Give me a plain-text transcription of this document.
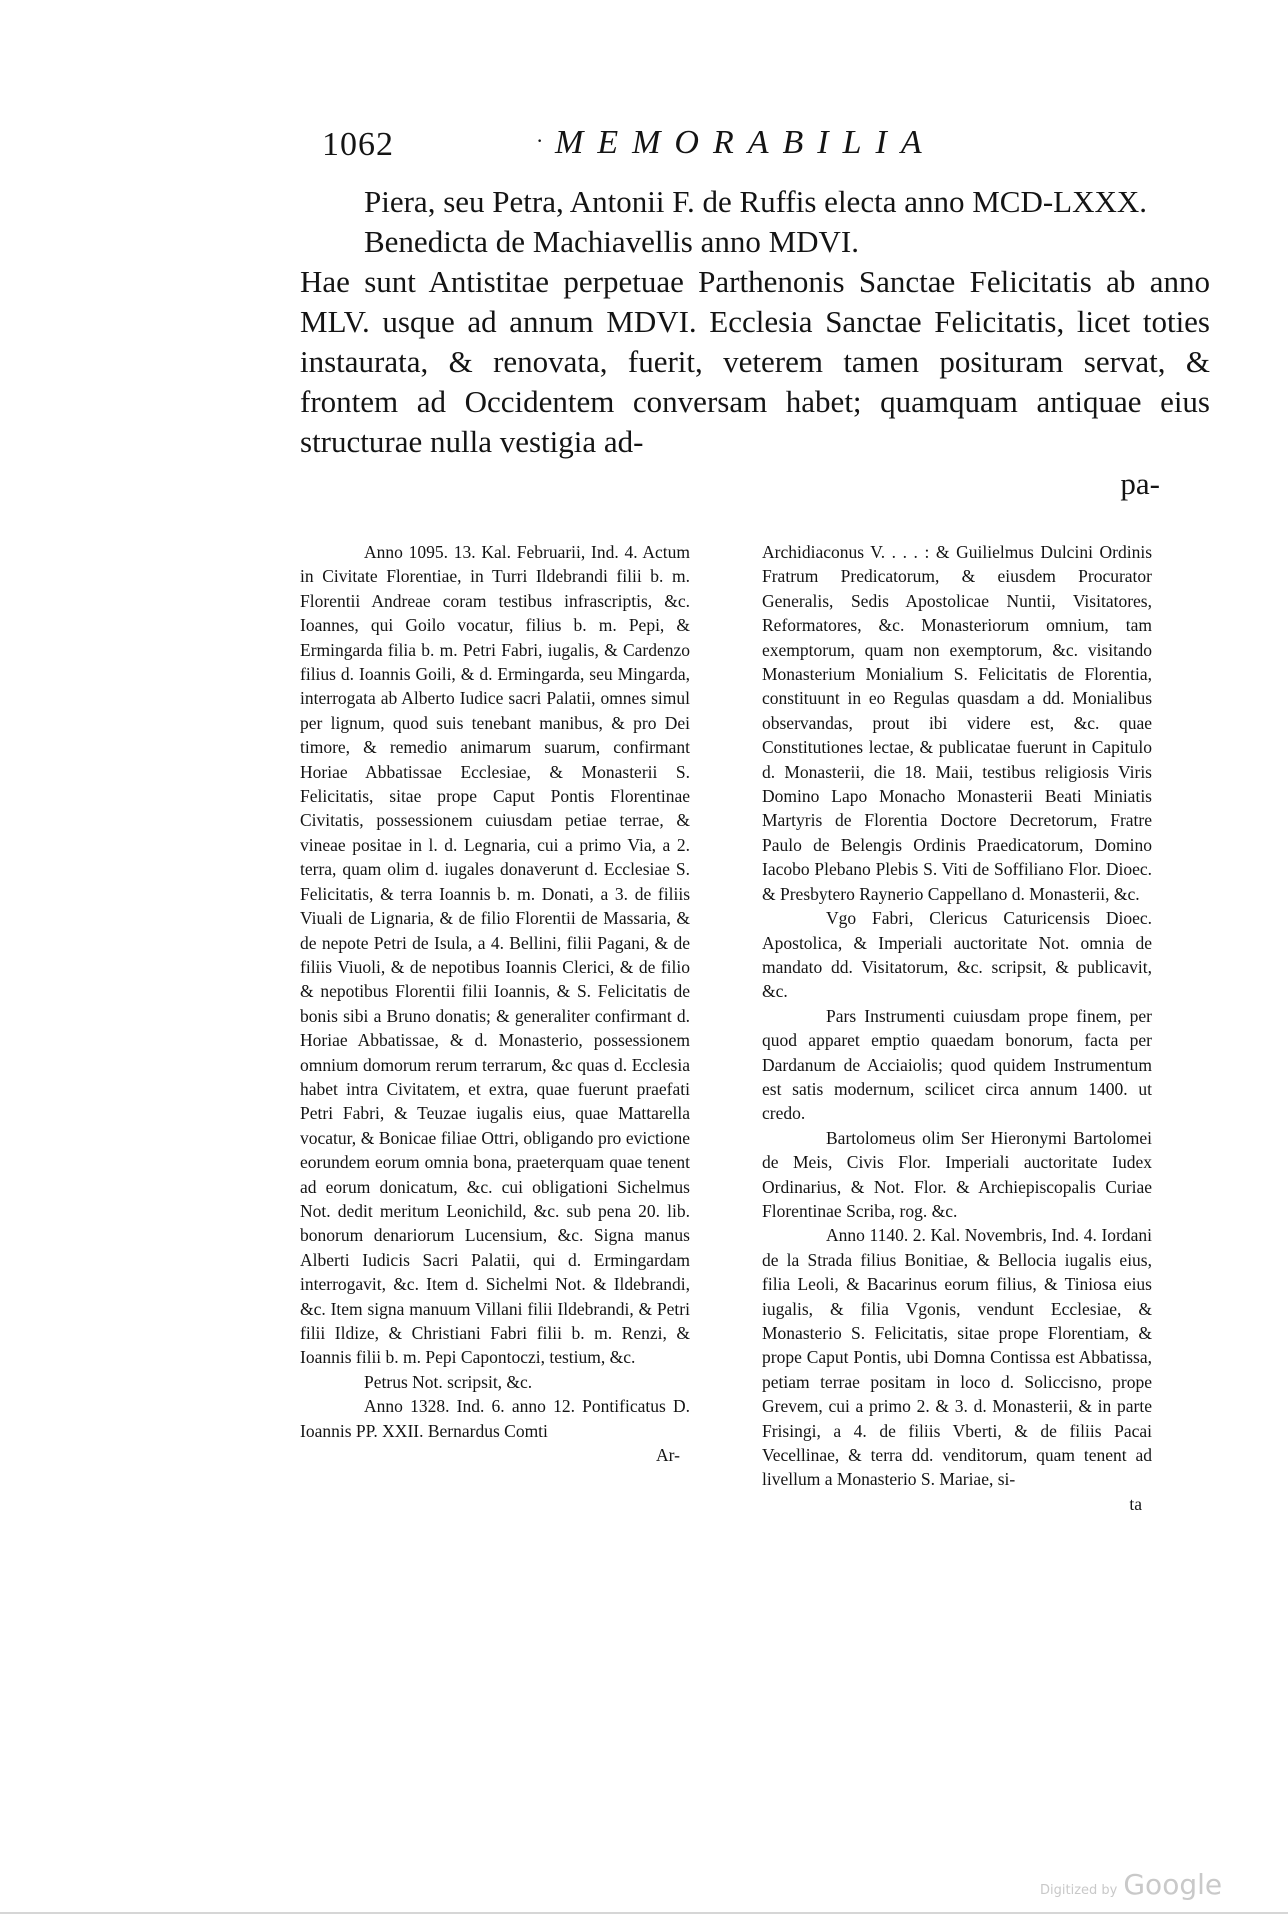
1062	· MEMORABILIA

Piera, seu Petra, Antonii F. de Ruffis electa anno MCD-LXXX.

Benedicta de Machiavellis anno MDVI.

Hae sunt Antistitae perpetuae Parthenonis Sanctae Felicitatis ab anno MLV. usque ad annum MDVI. Ecclesia Sanctae Felicitatis, licet toties instaurata, & renovata, fuerit, veterem tamen posituram servat, & frontem ad Occidentem conversam habet; quamquam antiquae eius structurae nulla vestigia ad-

pa-

Anno 1095. 13. Kal. Februarii, Ind. 4. Actum in Civitate Florentiae, in Turri Ildebrandi filii b. m. Florentii Andreae coram testibus infrascriptis, &c. Ioannes, qui Goilo vocatur, filius b. m. Pepi, & Ermingarda filia b. m. Petri Fabri, iugalis, & Cardenzo filius d. Ioannis Goili, & d. Ermingarda, seu Mingarda, interrogata ab Alberto Iudice sacri Palatii, omnes simul per lignum, quod suis tenebant manibus, & pro Dei timore, & remedio animarum suarum, confirmant Horiae Abbatissae Ecclesiae, & Monasterii S. Felicitatis, sitae prope Caput Pontis Florentinae Civitatis, possessionem cuiusdam petiae terrae, & vineae positae in l. d. Legnaria, cui a primo Via, a 2. terra, quam olim d. iugales donaverunt d. Ecclesiae S. Felicitatis, & terra Ioannis b. m. Donati, a 3. de filiis Viuali de Lignaria, & de filio Florentii de Massaria, & de nepote Petri de Isula, a 4. Bellini, filii Pagani, & de filiis Viuoli, & de nepotibus Ioannis Clerici, & de filio & nepotibus Florentii filii Ioannis, & S. Felicitatis de bonis sibi a Bruno donatis; & generaliter confirmant d. Horiae Abbatissae, & d. Monasterio, possessionem omnium domorum rerum terrarum, &c quas d. Ecclesia habet intra Civitatem, et extra, quae fuerunt praefati Petri Fabri, & Teuzae iugalis eius, quae Mattarella vocatur, & Bonicae filiae Ottri, obligando pro evictione eorundem eorum omnia bona, praeterquam quae tenent ad eorum donicatum, &c. cui obligationi Sichelmus Not. dedit meritum Leonichild, &c. sub pena 20. lib. bonorum denariorum Lucensium, &c. Signa manus Alberti Iudicis Sacri Palatii, qui d. Ermingardam interrogavit, &c. Item d. Sichelmi Not. & Ildebrandi, &c. Item signa manuum Villani filii Ildebrandi, & Petri filii Ildize, & Christiani Fabri filii b. m. Renzi, & Ioannis filii b. m. Pepi Capontoczi, testium, &c.

Petrus Not. scripsit, &c.

Anno 1328. Ind. 6. anno 12. Pontificatus D. Ioannis PP. XXII. Bernardus Comti

Ar-

Archidiaconus V. . . . : & Guilielmus Dulcini Ordinis Fratrum Predicatorum, & eiusdem Procurator Generalis, Sedis Apostolicae Nuntii, Visitatores, Reformatores, &c. Monasteriorum omnium, tam exemptorum, quam non exemptorum, &c. visitando Monasterium Monialium S. Felicitatis de Florentia, constituunt in eo Regulas quasdam a dd. Monialibus observandas, prout ibi videre est, &c. quae Constitutiones lectae, & publicatae fuerunt in Capitulo d. Monasterii, die 18. Maii, testibus religiosis Viris Domino Lapo Monacho Monasterii Beati Miniatis Martyris de Florentia Doctore Decretorum, Fratre Paulo de Belengis Ordinis Praedicatorum, Domino Iacobo Plebano Plebis S. Viti de Soffiliano Flor. Dioec. & Presbytero Raynerio Cappellano d. Monasterii, &c.

Vgo Fabri, Clericus Caturicensis Dioec. Apostolica, & Imperiali auctoritate Not. omnia de mandato dd. Visitatorum, &c. scripsit, & publicavit, &c.

Pars Instrumenti cuiusdam prope finem, per quod apparet emptio quaedam bonorum, facta per Dardanum de Acciaiolis; quod quidem Instrumentum est satis modernum, scilicet circa annum 1400. ut credo.

Bartolomeus olim Ser Hieronymi Bartolomei de Meis, Civis Flor. Imperiali auctoritate Iudex Ordinarius, & Not. Flor. & Archiepiscopalis Curiae Florentinae Scriba, rog. &c.

Anno 1140. 2. Kal. Novembris, Ind. 4. Iordani de la Strada filius Bonitiae, & Bellocia iugalis eius, filia Leoli, & Bacarinus eorum filius, & Tiniosa eius iugalis, & filia Vgonis, vendunt Ecclesiae, & Monasterio S. Felicitatis, sitae prope Florentiam, & prope Caput Pontis, ubi Domna Contissa est Abbatissa, petiam terrae positam in loco d. Soliccisno, prope Grevem, cui a primo 2. & 3. d. Monasterii, & in parte Frisingi, a 4. de filiis Vberti, & de filiis Pacai Vecellinae, & terra dd. venditorum, quam tenent ad livellum a Monasterio S. Mariae, si-

ta

Digitized by Google
